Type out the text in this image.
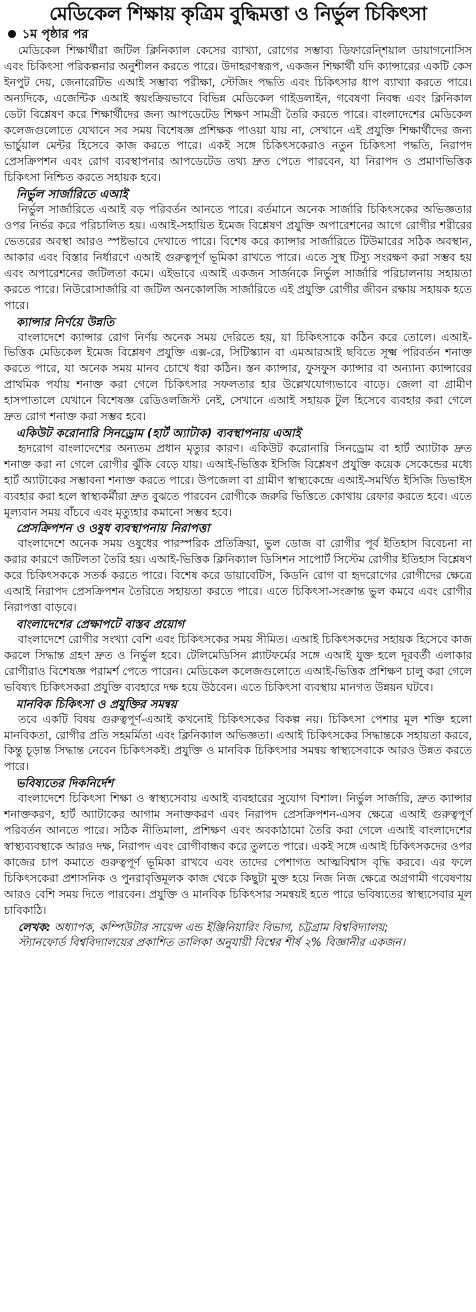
মেডিকেল শিক্ষায় কৃত্রিম বুদ্ধিমত্তা ও নির্ভুল চিকিৎসা
১ম পৃষ্ঠার পর

মেডিকেল শিক্ষার্থীরা জটিল ক্লিনিক্যাল কেসের ব্যাখ্যা, রোগের সম্ভাব্য ডিফারেন্শিয়াল ডায়াগনোসিস এবং চিকিৎসা পরিকল্পনার অনুশীলন করতে পারে। উদাহরণস্বরূপ, একজন শিক্ষার্থী যদি ক্যান্সারের একটি কেস ইনপুট দেয়, জেনারেটিভ এআই সম্ভাব্য পরীক্ষা, স্টেজিং পদ্ধতি এবং চিকিৎসার ধাপ ব্যাখ্যা করতে পারে। অন্যদিকে, এজেন্টিক এআই স্বয়ংক্রিয়ভাবে বিভিন্ন মেডিকেল গাইডলাইন, গবেষণা নিবন্ধ এবং ক্লিনিকাল ডেটা বিশ্লেষণ করে শিক্ষার্থীদের জন্য আপডেটেড শিক্ষণ সামগ্রী তৈরি করতে পারে। বাংলাদেশের মেডিকেল কলেজগুলোতে যেখানে সব সময় বিশেষজ্ঞ প্রশিক্ষক পাওয়া যায় না, সেখানে এই প্রযুক্তি শিক্ষার্থীদের জন্য ভার্চুয়াল মেন্টর হিসেবে কাজ করতে পারে। একই সঙ্গে চিকিৎসকেরাও নতুন চিকিৎসা পদ্ধতি, নিরাপদ প্রেসক্রিপশন এবং রোগ ব্যবস্থাপনার আপডেটেড তথ্য দ্রুত পেতে পারবেন, যা নিরাপদ ও প্রমাণভিত্তিক চিকিৎসা নিশ্চিত করতে সহায়ক হবে।

নির্ভুল সার্জারিতে এআই

নির্ভুল সার্জারিতে এআই বড় পরিবর্তন আনতে পারে। বর্তমানে অনেক সার্জারি চিকিৎসকের অভিজ্ঞতার ওপর নির্ভর করে পরিচালিত হয়। এআই-সহায়িত ইমেজ বিশ্লেষণ প্রযুক্তি অপারেশনের আগে রোগীর শরীরের ভেতরের অবস্থা আরও স্পষ্টভাবে দেখাতে পারে। বিশেষ করে ক্যান্সার সার্জারিতে টিউমারের সঠিক অবস্থান, আকার এবং বিস্তার নির্ধারণে এআই গুরুত্বপূর্ণ ভূমিকা রাখতে পারে। এতে সুস্থ টিস্যু সংরক্ষণ করা সম্ভব হয় এবং অপারেশনের জটিলতা কমে। এইভাবে এআই একজন সার্জনকে নির্ভুল সার্জারি পরিচালনায় সহায়তা করতে পারে। নিউরোসার্জারি বা জটিল অনকোলজি সার্জারিতে এই প্রযুক্তি রোগীর জীবন রক্ষায় সহায়ক হতে পারে।

ক্যান্সার নির্ণয়ে উন্নতি

বাংলাদেশে ক্যান্সার রোগ নির্ণয় অনেক সময় দেরিতে হয়, যা চিকিৎসাকে কঠিন করে তোলে। এআই-ভিত্তিক মেডিকেল ইমেজ বিশ্লেষণ প্রযুক্তি এক্স-রে, সিটিস্ক্যান বা এমআরআই ছবিতে সূক্ষ্ম পরিবর্তন শনাক্ত করতে পারে, যা অনেক সময় মানব চোখে ধরা কঠিন। স্তন ক্যান্সার, ফুসফুস ক্যান্সার বা অন্যান্য ক্যান্সারের প্রাথমিক পর্যায় শনাক্ত করা গেলে চিকিৎসার সফলতার হার উল্লেখযোগ্যভাবে বাড়ে। জেলা বা গ্রামীণ হাসপাতালে যেখানে বিশেষজ্ঞ রেডিওলজিস্ট নেই, সেখানে এআই সহায়ক টুল হিসেবে ব্যবহার করা গেলে দ্রুত রোগ শনাক্ত করা সম্ভব হবে।

একিউট করোনারি সিনড্রোম (হার্ট অ্যাটাক) ব্যবস্থাপনায় এআই

হৃদরোগ বাংলাদেশের অন্যতম প্রধান মৃত্যুর কারণ। একিউট করোনারি সিনড্রোম বা হার্ট অ্যাটাক দ্রুত শনাক্ত করা না গেলে রোগীর ঝুঁকি বেড়ে যায়। এআই-ভিত্তিক ইসিজি বিশ্লেষণ প্রযুক্তি কয়েক সেকেন্ডের মধ্যে হার্ট অ্যাটাকের সম্ভাবনা শনাক্ত করতে পারে। উপজেলা বা গ্রামীণ স্বাস্থ্যকেন্দ্রে এআই-সমর্থিত ইসিজি ডিভাইস ব্যবহার করা হলে স্বাস্থ্যকর্মীরা দ্রুত বুঝতে পারবেন রোগীকে জরুরি ভিত্তিতে কোথায় রেফার করতে হবে। এতে মূল্যবান সময় বাঁচবে এবং মৃত্যুহার কমানো সম্ভব হবে।

প্রেসক্রিপশন ও ওষুধ ব্যবস্থাপনায় নিরাপত্তা

বাংলাদেশে অনেক সময় ওষুধের পারস্পরিক প্রতিক্রিয়া, ভুল ডোজ বা রোগীর পূর্ব ইতিহাস বিবেচনা না করার কারণে জটিলতা তৈরি হয়। এআই-ভিত্তিক ক্লিনিক্যাল ডিসিশন সাপোর্ট সিস্টেম রোগীর ইতিহাস বিশ্লেষণ করে চিকিৎসককে সতর্ক করতে পারে। বিশেষ করে ডায়াবেটিস, কিডনি রোগ বা হৃদরোগের রোগীদের ক্ষেত্রে এআই নিরাপদ প্রেসক্রিপশন তৈরিতে সহায়তা করতে পারে। এতে চিকিৎসা-সংক্রান্ত ভুল কমবে এবং রোগীর নিরাপত্তা বাড়বে।

বাংলাদেশের প্রেক্ষাপটে বাস্তব প্রয়োগ

বাংলাদেশে রোগীর সংখ্যা বেশি এবং চিকিৎসকের সময় সীমিত। এআই চিকিৎসকদের সহায়ক হিসেবে কাজ করলে সিদ্ধান্ত গ্রহণ দ্রুত ও নির্ভুল হবে। টেলিমেডিসিন প্ল্যাটফর্মের সঙ্গে এআই যুক্ত হলে দূরবর্তী এলাকার রোগীরাও বিশেষজ্ঞ পরামর্শ পেতে পারেন। মেডিকেল কলেজগুলোতে এআই-ভিত্তিক প্রশিক্ষণ চালু করা গেলে ভবিষ্যৎ চিকিৎসকরা প্রযুক্তি ব্যবহারে দক্ষ হয়ে উঠবেন। এতে চিকিৎসা ব্যবস্থায় মানগত উন্নয়ন ঘটবে।

মানবিক চিকিৎসা ও প্রযুক্তির সমন্বয়

তবে একটি বিষয় গুরুত্বপূর্ণ-এআই কখনোই চিকিৎসকের বিকল্প নয়। চিকিৎসা পেশার মূল শক্তি হলো মানবিকতা, রোগীর প্রতি সহমর্মিতা এবং ক্লিনিক্যাল অভিজ্ঞতা। এআই চিকিৎসকের সিদ্ধান্তকে সহায়তা করবে, কিন্তু চূড়ান্ত সিদ্ধান্ত নেবেন চিকিৎসকই। প্রযুক্তি ও মানবিক চিকিৎসার সমন্বয় স্বাস্থ্যসেবাকে আরও উন্নত করতে পারে।

ভবিষ্যতের দিকনির্দেশ

বাংলাদেশে চিকিৎসা শিক্ষা ও স্বাস্থ্যসেবায় এআই ব্যবহারের সুযোগ বিশাল। নির্ভুল সার্জারি, দ্রুত ক্যান্সার শনাক্তকরণ, হার্ট অ্যাটাকের আগাম সনাক্তকরণ এবং নিরাপদ প্রেসক্রিপশন-এসব ক্ষেত্রে এআই গুরুত্বপূর্ণ পরিবর্তন আনতে পারে। সঠিক নীতিমালা, প্রশিক্ষণ এবং অবকাঠামো তৈরি করা গেলে এআই বাংলাদেশের স্বাস্থ্যব্যবস্থাকে আরও দক্ষ, নিরাপদ এবং রোগীবান্ধব করে তুলতে পারে। একই সঙ্গে এআই চিকিৎসকদের ওপর কাজের চাপ কমাতে গুরুত্বপূর্ণ ভূমিকা রাখবে এবং তাদের পেশাগত আত্মবিশ্বাস বৃদ্ধি করবে। এর ফলে চিকিৎসকেরা প্রশাসনিক ও পুনরাবৃত্তিমূলক কাজ থেকে কিছুটা মুক্ত হয়ে নিজ নিজ ক্ষেত্রে অগ্রগামী গবেষণায় আরও বেশি সময় দিতে পারবেন। প্রযুক্তি ও মানবিক চিকিৎসার সমন্বয়ই হতে পারে ভবিষ্যতের স্বাস্থ্যসেবার মূল চাবিকাঠি।

লেখক: অধ্যাপক, কম্পিউটার সায়েন্স এন্ড ইঞ্জিনিয়ারিং বিভাগ, চট্টগ্রাম বিশ্ববিদ্যালয়;

স্ট্যানফোর্ড বিশ্ববিদ্যালয়ের প্রকাশিত তালিকা অনুযায়ী বিশ্বের শীর্ষ ২% বিজ্ঞানীর একজন।
